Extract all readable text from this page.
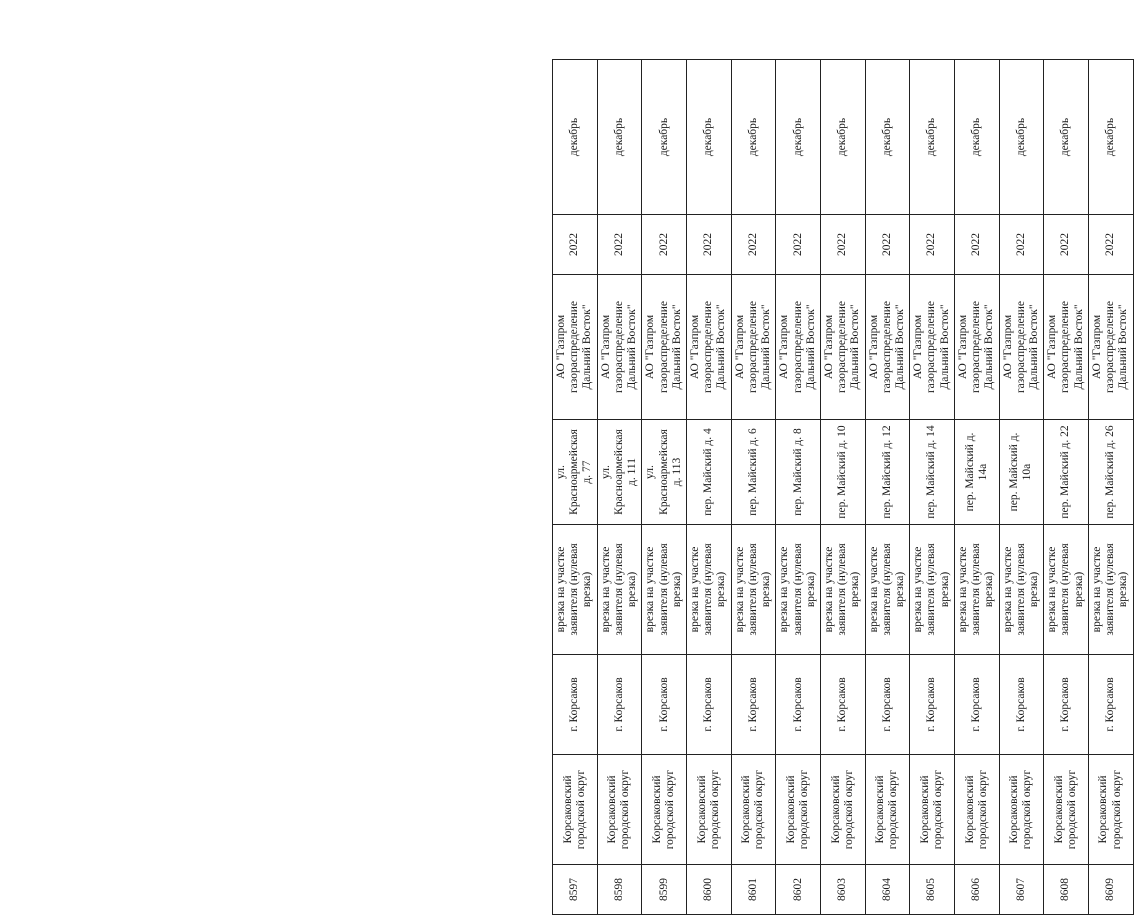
8597	Корсаковский городской округ	г. Корсаков	врезка на участке заявителя (нулевая врезка)	ул. Красноармейская д. 77	АО "Газпром газораспределение Дальний Восток"	2022	декабрь
8598	Корсаковский городской округ	г. Корсаков	врезка на участке заявителя (нулевая врезка)	ул. Красноармейская д. 111	АО "Газпром газораспределение Дальний Восток"	2022	декабрь
8599	Корсаковский городской округ	г. Корсаков	врезка на участке заявителя (нулевая врезка)	ул. Красноармейская д. 113	АО "Газпром газораспределение Дальний Восток"	2022	декабрь
8600	Корсаковский городской округ	г. Корсаков	врезка на участке заявителя (нулевая врезка)	пер. Майский д. 4	АО "Газпром газораспределение Дальний Восток"	2022	декабрь
8601	Корсаковский городской округ	г. Корсаков	врезка на участке заявителя (нулевая врезка)	пер. Майский д. 6	АО "Газпром газораспределение Дальний Восток"	2022	декабрь
8602	Корсаковский городской округ	г. Корсаков	врезка на участке заявителя (нулевая врезка)	пер. Майский д. 8	АО "Газпром газораспределение Дальний Восток"	2022	декабрь
8603	Корсаковский городской округ	г. Корсаков	врезка на участке заявителя (нулевая врезка)	пер. Майский д. 10	АО "Газпром газораспределение Дальний Восток"	2022	декабрь
8604	Корсаковский городской округ	г. Корсаков	врезка на участке заявителя (нулевая врезка)	пер. Майский д. 12	АО "Газпром газораспределение Дальний Восток"	2022	декабрь
8605	Корсаковский городской округ	г. Корсаков	врезка на участке заявителя (нулевая врезка)	пер. Майский д. 14	АО "Газпром газораспределение Дальний Восток"	2022	декабрь
8606	Корсаковский городской округ	г. Корсаков	врезка на участке заявителя (нулевая врезка)	пер. Майский д. 14а	АО "Газпром газораспределение Дальний Восток"	2022	декабрь
8607	Корсаковский городской округ	г. Корсаков	врезка на участке заявителя (нулевая врезка)	пер. Майский д. 10а	АО "Газпром газораспределение Дальний Восток"	2022	декабрь
8608	Корсаковский городской округ	г. Корсаков	врезка на участке заявителя (нулевая врезка)	пер. Майский д. 22	АО "Газпром газораспределение Дальний Восток"	2022	декабрь
8609	Корсаковский городской округ	г. Корсаков	врезка на участке заявителя (нулевая врезка)	пер. Майский д. 26	АО "Газпром газораспределение Дальний Восток"	2022	декабрь
